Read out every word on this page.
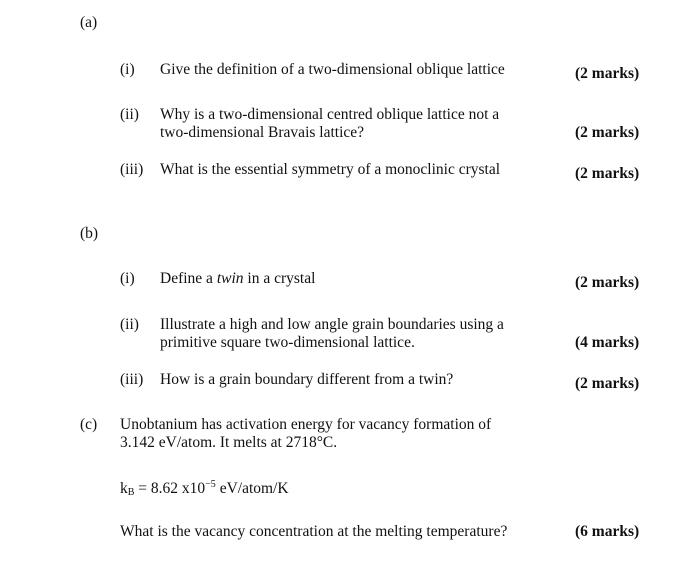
(a)
(i) Give the definition of a two-dimensional oblique lattice	(2 marks)
(ii) Why is a two-dimensional centred oblique lattice not a
two-dimensional Bravais lattice?	(2 marks)
(iii) What is the essential symmetry of a monoclinic crystal	(2 marks)
(b)
(i) Define a twin in a crystal	(2 marks)
(ii) Illustrate a high and low angle grain boundaries using a
primitive square two-dimensional lattice.	(4 marks)
(iii) How is a grain boundary different from a twin?	(2 marks)
(c) Unobtanium has activation energy for vacancy formation of
3.142 eV/atom. It melts at 2718°C.
$k_B = 8.62$ $x10^{-5}$ eV/atom/K
What is the vacancy concentration at the melting temperature?	(6 marks)
